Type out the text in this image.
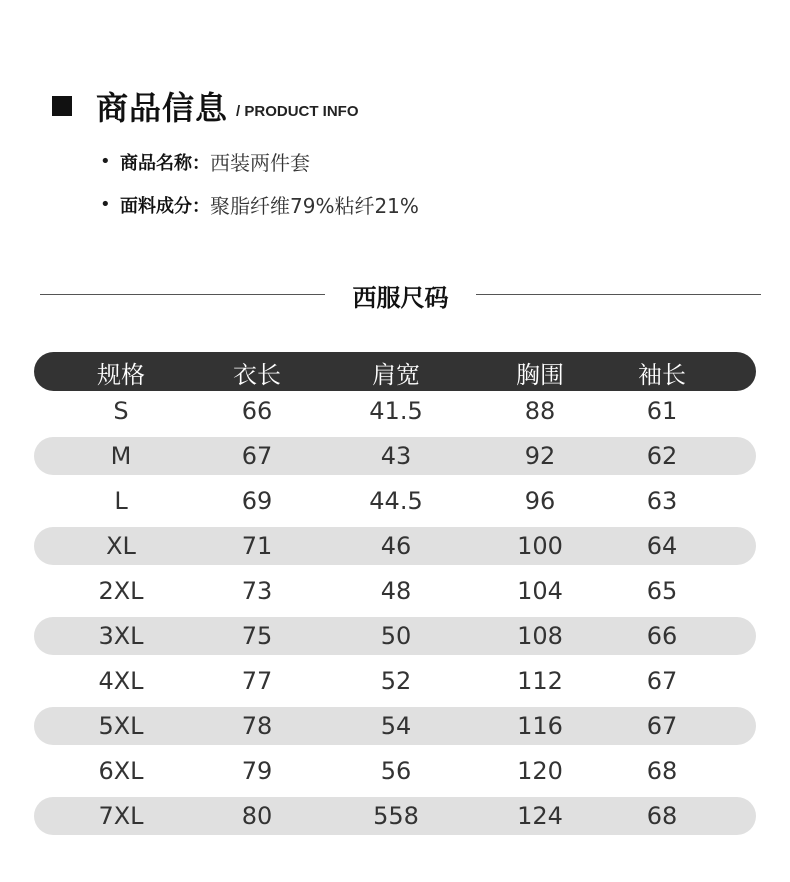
商品信息 / PRODUCT INFO
• 商品名称： 西装两件套
• 面料成分： 聚脂纤维79%粘纤21%
西服尺码
规格	衣长	肩宽	胸围	袖长
S	66	41.5	88	61
M	67	43	92	62
L	69	44.5	96	63
XL	71	46	100	64
2XL	73	48	104	65
3XL	75	50	108	66
4XL	77	52	112	67
5XL	78	54	116	67
6XL	79	56	120	68
7XL	80	558	124	68
